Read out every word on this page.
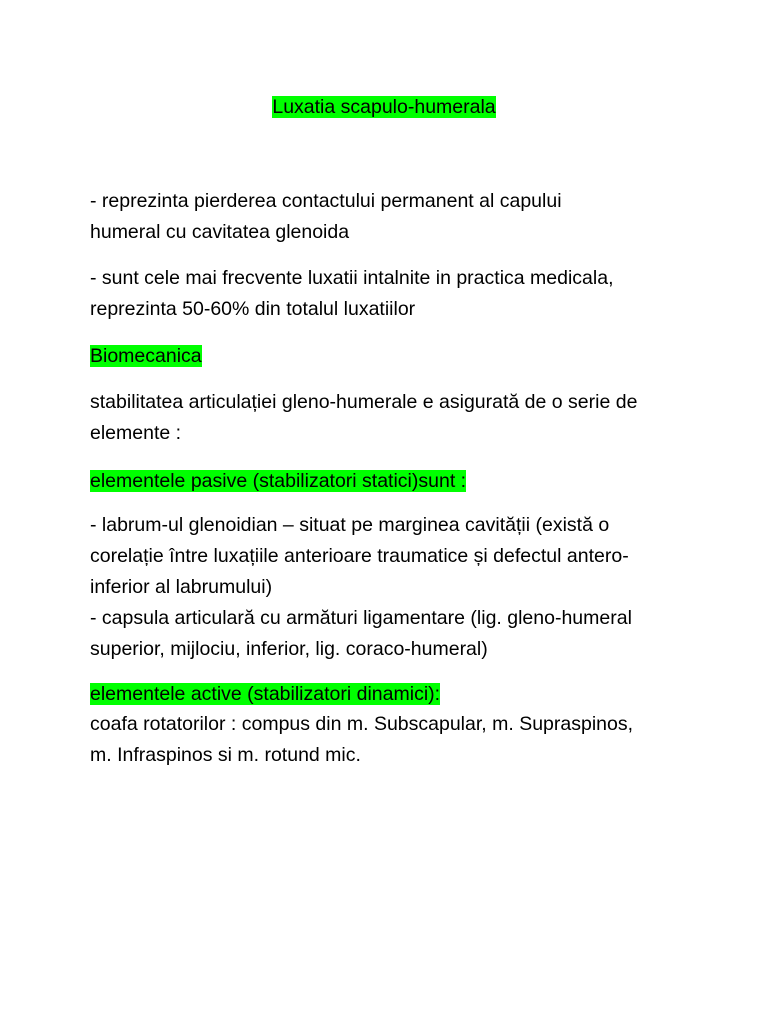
Luxatia scapulo-humerala
- reprezinta pierderea contactului permanent al capului
humeral cu cavitatea glenoida
- sunt cele mai frecvente luxatii intalnite in practica medicala,
reprezinta 50-60% din totalul luxatiilor
Biomecanica
stabilitatea articulației gleno-humerale e asigurată de o serie de
elemente :
elementele pasive (stabilizatori statici)sunt :
- labrum-ul glenoidian – situat pe marginea cavității (există o
corelație între luxațiile anterioare traumatice și defectul antero-
inferior al labrumului)
- capsula articulară cu armături ligamentare (lig. gleno-humeral
superior, mijlociu, inferior, lig. coraco-humeral)
elementele active (stabilizatori dinamici):
coafa rotatorilor : compus din m. Subscapular, m. Supraspinos,
m. Infraspinos si m. rotund mic.
